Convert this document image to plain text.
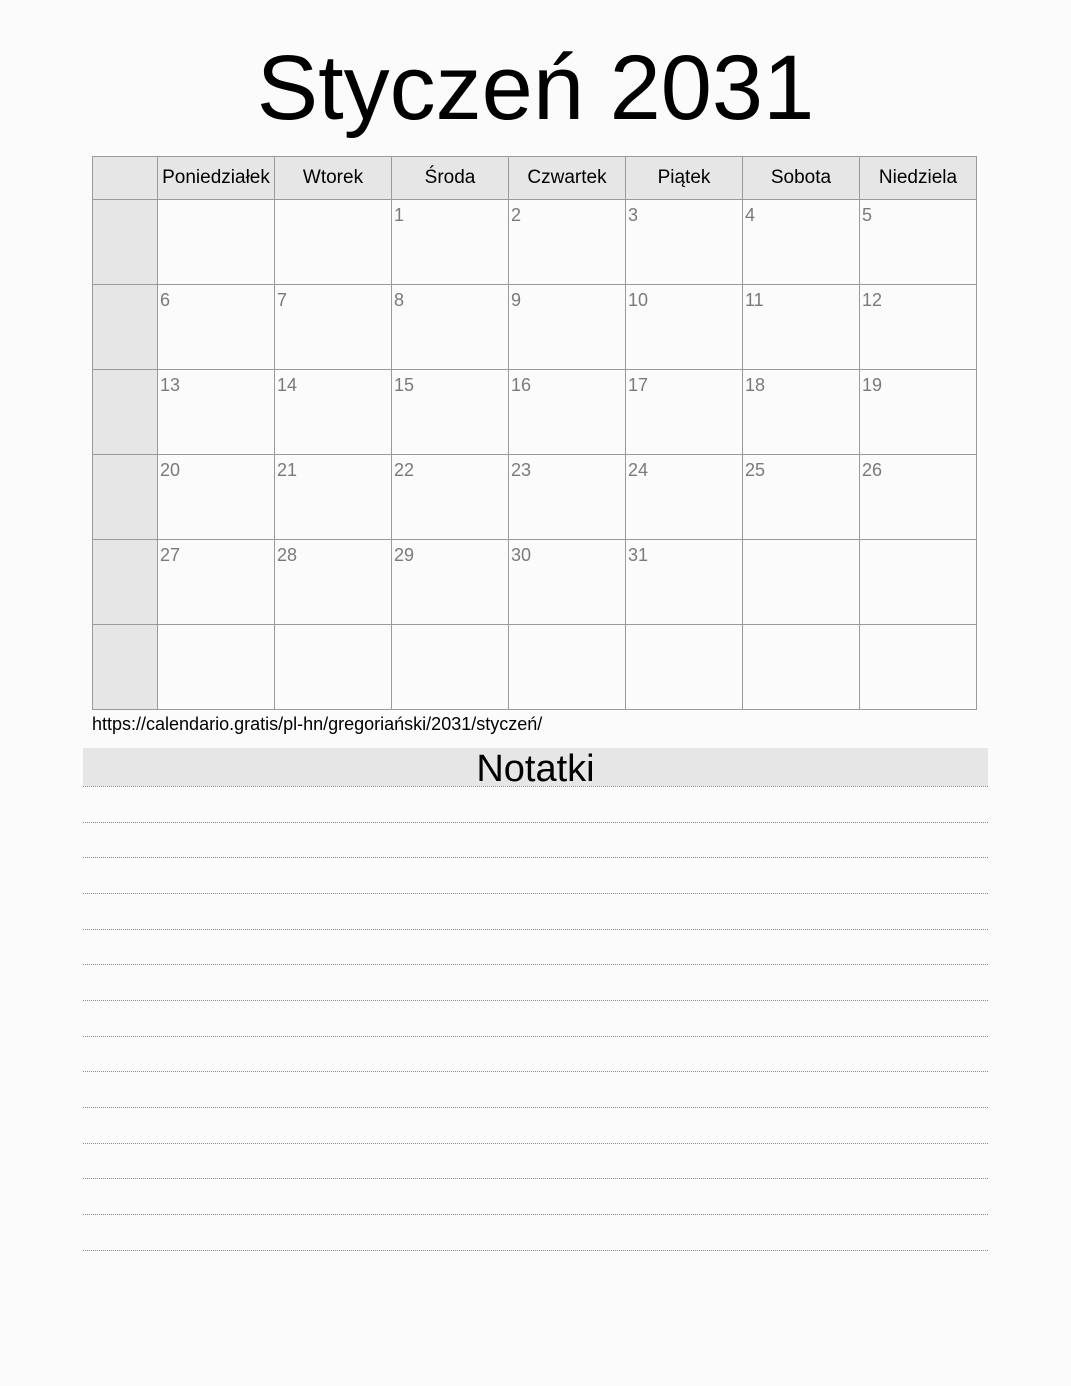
Styczeń 2031
	Poniedziałek	Wtorek	Środa	Czwartek	Piątek	Sobota	Niedziela

			1	2	3	4	5

	6	7	8	9	10	11	12

	13	14	15	16	17	18	19

	20	21	22	23	24	25	26

	27	28	29	30	31		

https://calendario.gratis/pl-hn/gregoriański/2031/styczeń/
Notatki
